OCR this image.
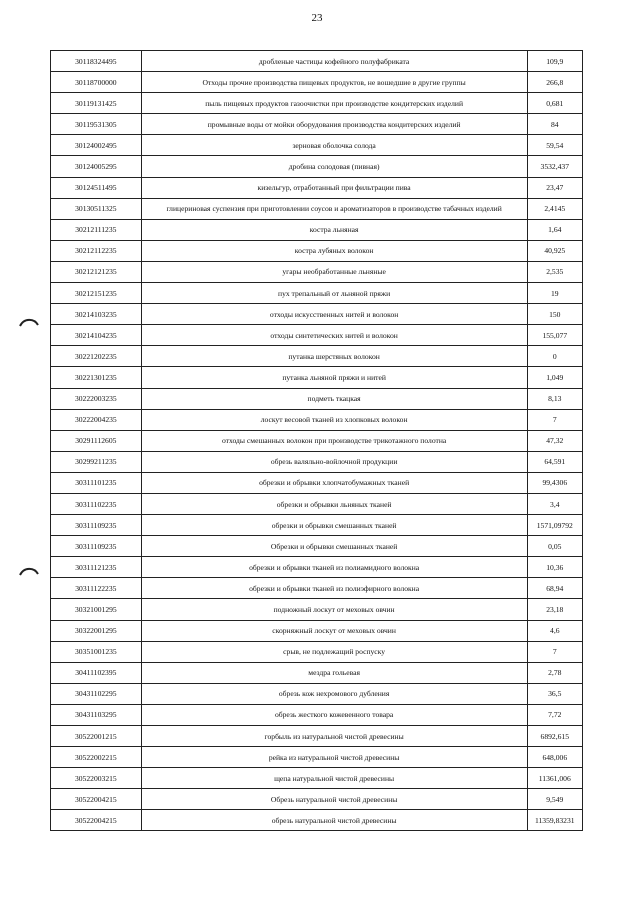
23
30118324495	дробленые частицы кофейного полуфабриката	109,9
30118700000	Отходы прочие производства пищевых продуктов, не вошедшие в другие группы	266,8
30119131425	пыль пищевых продуктов газоочистки при производстве кондитерских изделий	0,681
30119531305	промывные воды от мойки оборудования производства кондитерских изделий	84
30124002495	зерновая оболочка солода	59,54
30124005295	дробина солодовая (пивная)	3532,437
30124511495	кизельгур, отработанный при фильтрации пива	23,47
30130511325	глицериновая суспензия при приготовлении соусов и ароматизаторов в производстве табачных изделий	2,4145
30212111235	костра льняная	1,64
30212112235	костра лубяных волокон	40,925
30212121235	угары необработанные льняные	2,535
30212151235	пух трепальный от льняной пряжи	19
30214103235	отходы искусственных нитей и волокон	150
30214104235	отходы синтетических нитей и волокон	155,077
30221202235	путанка шерстяных волокон	0
30221301235	путанка льняной пряжи и нитей	1,049
30222003235	подметь ткацкая	8,13
30222004235	лоскут весовой тканей из хлопковых волокон	7
30291112605	отходы смешанных волокон при производстве трикотажного полотна	47,32
30299211235	обрезь валяльно-войлочной продукции	64,591
30311101235	обрезки и обрывки хлопчатобумажных тканей	99,4306
30311102235	обрезки и обрывки льняных тканей	3,4
30311109235	обрезки и обрывки смешанных тканей	1571,09792
30311109235	Обрезки и обрывки смешанных тканей	0,05
30311121235	обрезки и обрывки тканей из полиамидного волокна	10,36
30311122235	обрезки и обрывки тканей из полиэфирного волокна	68,94
30321001295	подножный лоскут от меховых овчин	23,18
30322001295	скорняжный лоскут от меховых овчин	4,6
30351001235	срыв, не подлежащий роспуску	7
30411102395	мездра гольевая	2,78
30431102295	обрезь кож нехромового дубления	36,5
30431103295	обрезь жесткого кожевенного товара	7,72
30522001215	горбыль из натуральной чистой древесины	6892,615
30522002215	рейка из натуральной чистой древесины	648,006
30522003215	щепа натуральной чистой древесины	11361,006
30522004215	Обрезь натуральной чистой древесины	9,549
30522004215	обрезь натуральной чистой древесины	11359,83231
